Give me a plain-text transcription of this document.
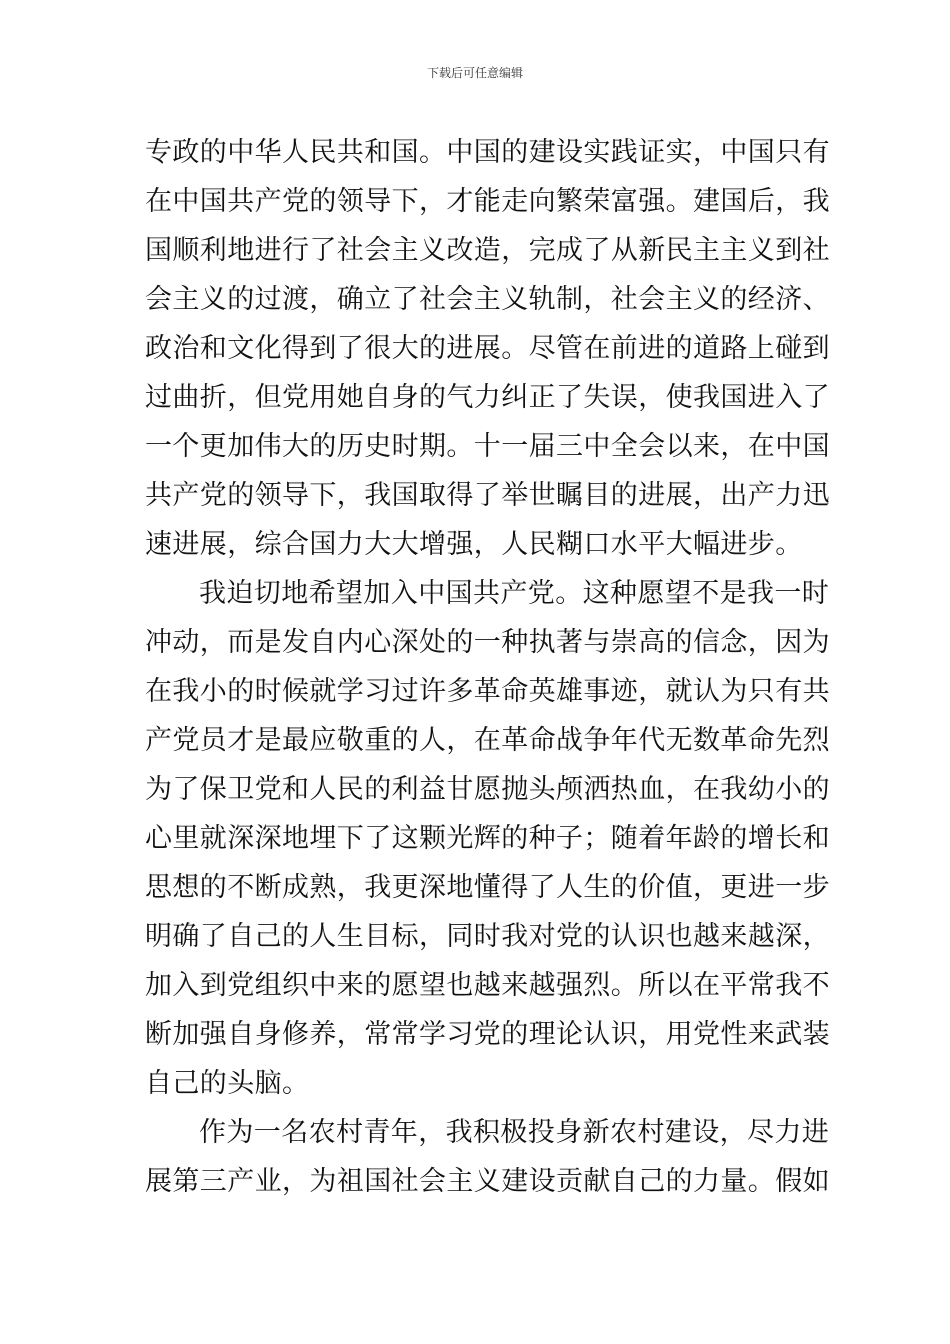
下载后可任意编辑

专政的中华人民共和国。中国的建设实践证实，中国只有
在中国共产党的领导下，才能走向繁荣富强。建国后，我
国顺利地进行了社会主义改造，完成了从新民主主义到社
会主义的过渡，确立了社会主义轨制，社会主义的经济、
政治和文化得到了很大的进展。尽管在前进的道路上碰到
过曲折，但党用她自身的气力纠正了失误，使我国进入了
一个更加伟大的历史时期。十一届三中全会以来，在中国
共产党的领导下，我国取得了举世瞩目的进展，出产力迅
速进展，综合国力大大增强，人民糊口水平大幅进步。

我迫切地希望加入中国共产党。这种愿望不是我一时
冲动，而是发自内心深处的一种执著与崇高的信念，因为
在我小的时候就学习过许多革命英雄事迹，就认为只有共
产党员才是最应敬重的人，在革命战争年代无数革命先烈
为了保卫党和人民的利益甘愿抛头颅洒热血，在我幼小的
心里就深深地埋下了这颗光辉的种子；随着年龄的增长和
思想的不断成熟，我更深地懂得了人生的价值，更进一步
明确了自己的人生目标，同时我对党的认识也越来越深，
加入到党组织中来的愿望也越来越强烈。所以在平常我不
断加强自身修养，常常学习党的理论认识，用党性来武装
自己的头脑。

作为一名农村青年，我积极投身新农村建设，尽力进
展第三产业，为祖国社会主义建设贡献自己的力量。假如
